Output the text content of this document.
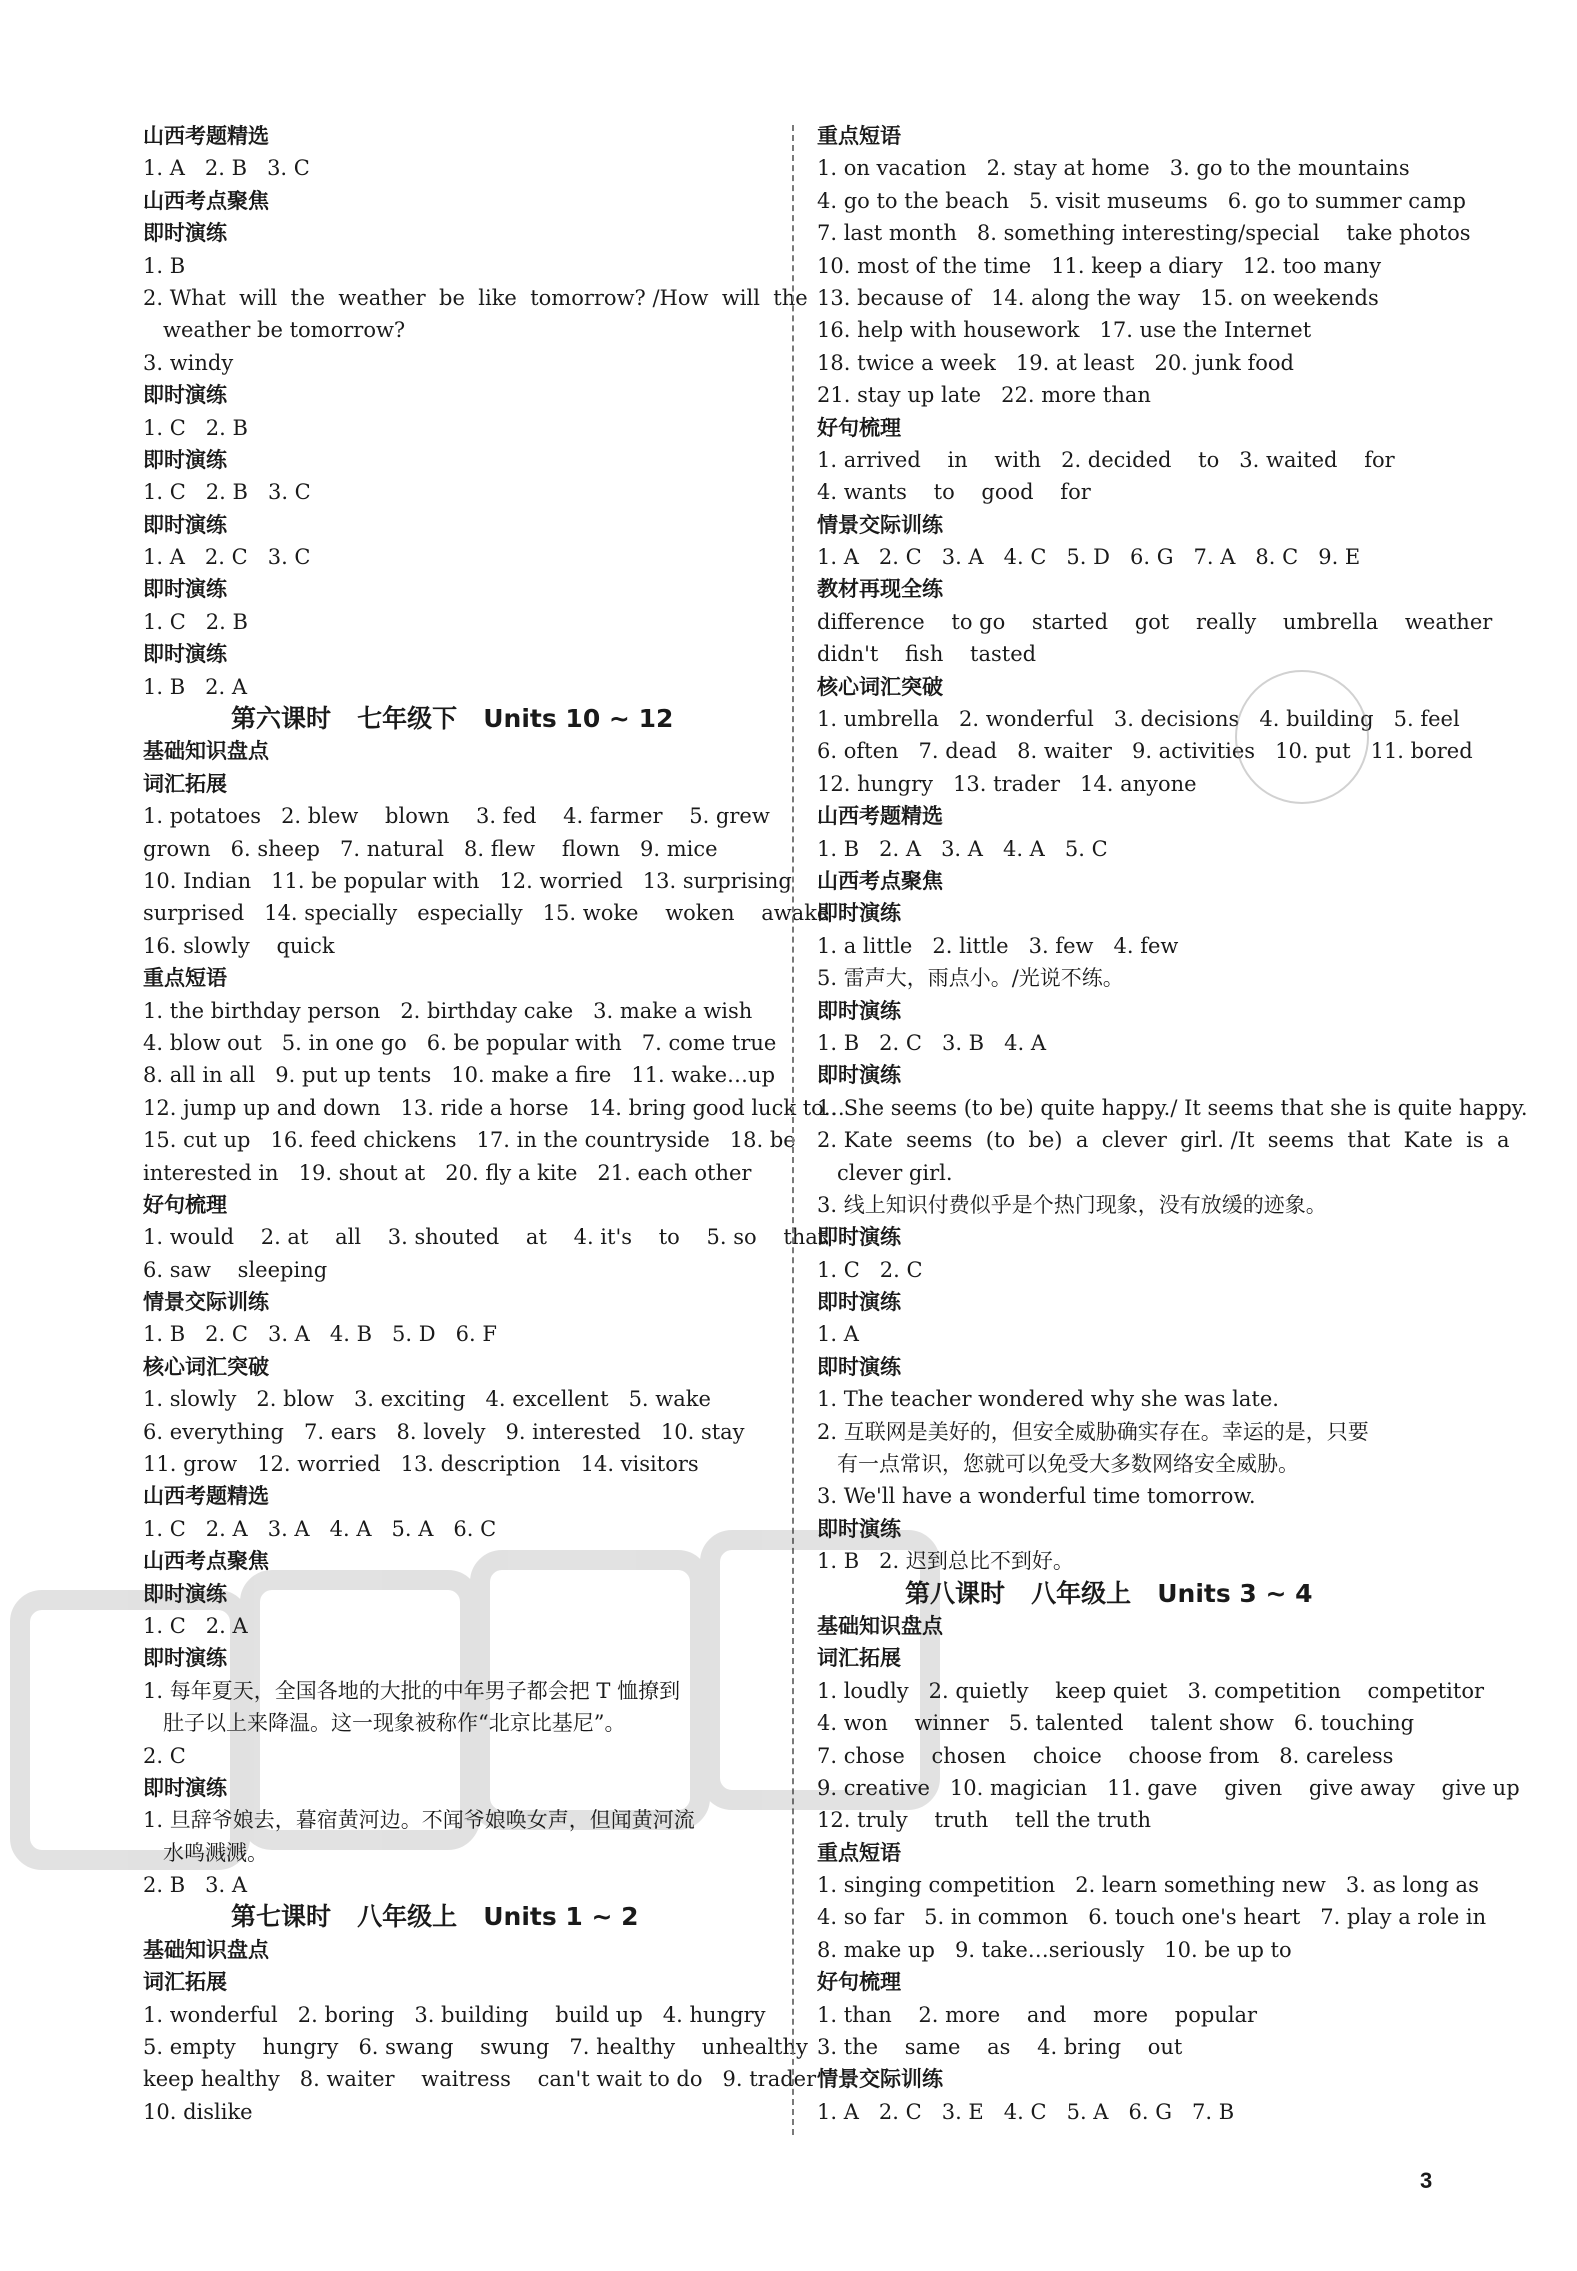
山西考题精选
1. A   2. B   3. C
山西考点聚焦
即时演练
1. B
2. What  will  the  weather  be  like  tomorrow? /How  will  the
weather be tomorrow?
3. windy
即时演练
1. C   2. B
即时演练
1. C   2. B   3. C
即时演练
1. A   2. C   3. C
即时演练
1. C   2. B
即时演练
1. B   2. A
第六课时   七年级下   Units 10 ~ 12
基础知识盘点
词汇拓展
1. potatoes   2. blew    blown    3. fed    4. farmer    5. grew
grown   6. sheep   7. natural   8. flew    flown   9. mice
10. Indian   11. be popular with   12. worried   13. surprising
surprised   14. specially   especially   15. woke    woken    awake
16. slowly    quick
重点短语
1. the birthday person   2. birthday cake   3. make a wish
4. blow out   5. in one go   6. be popular with   7. come true
8. all in all   9. put up tents   10. make a fire   11. wake…up
12. jump up and down   13. ride a horse   14. bring good luck to…
15. cut up   16. feed chickens   17. in the countryside   18. be
interested in   19. shout at   20. fly a kite   21. each other
好句梳理
1. would    2. at    all    3. shouted    at    4. it's    to    5. so    that
6. saw    sleeping
情景交际训练
1. B   2. C   3. A   4. B   5. D   6. F
核心词汇突破
1. slowly   2. blow   3. exciting   4. excellent   5. wake
6. everything   7. ears   8. lovely   9. interested   10. stay
11. grow   12. worried   13. description   14. visitors
山西考题精选
1. C   2. A   3. A   4. A   5. A   6. C
山西考点聚焦
即时演练
1. C   2. A
即时演练
1. 每年夏天，全国各地的大批的中年男子都会把 T 恤撩到
肚子以上来降温。这一现象被称作“北京比基尼”。
2. C
即时演练
1. 旦辞爷娘去，暮宿黄河边。不闻爷娘唤女声，但闻黄河流
水鸣溅溅。
2. B   3. A
第七课时   八年级上   Units 1 ~ 2
基础知识盘点
词汇拓展
1. wonderful   2. boring   3. building    build up   4. hungry
5. empty    hungry   6. swang    swung   7. healthy    unhealthy
keep healthy   8. waiter    waitress    can't wait to do   9. trader
10. dislike
重点短语
1. on vacation   2. stay at home   3. go to the mountains
4. go to the beach   5. visit museums   6. go to summer camp
7. last month   8. something interesting/special    take photos
10. most of the time   11. keep a diary   12. too many
13. because of   14. along the way   15. on weekends
16. help with housework   17. use the Internet
18. twice a week   19. at least   20. junk food
21. stay up late   22. more than
好句梳理
1. arrived    in    with   2. decided    to   3. waited    for
4. wants    to    good    for
情景交际训练
1. A   2. C   3. A   4. C   5. D   6. G   7. A   8. C   9. E
教材再现全练
difference    to go    started    got    really    umbrella    weather
didn't    fish    tasted
核心词汇突破
1. umbrella   2. wonderful   3. decisions   4. building   5. feel
6. often   7. dead   8. waiter   9. activities   10. put   11. bored
12. hungry   13. trader   14. anyone
山西考题精选
1. B   2. A   3. A   4. A   5. C
山西考点聚焦
即时演练
1. a little   2. little   3. few   4. few
5. 雷声大，雨点小。/光说不练。
即时演练
1. B   2. C   3. B   4. A
即时演练
1. She seems (to be) quite happy./ It seems that she is quite happy.
2. Kate  seems  (to  be)  a  clever  girl. /It  seems  that  Kate  is  a
clever girl.
3. 线上知识付费似乎是个热门现象，没有放缓的迹象。
即时演练
1. C   2. C
即时演练
1. A
即时演练
1. The teacher wondered why she was late.
2. 互联网是美好的，但安全威胁确实存在。幸运的是，只要
有一点常识，您就可以免受大多数网络安全威胁。
3. We'll have a wonderful time tomorrow.
即时演练
1. B   2. 迟到总比不到好。
第八课时   八年级上   Units 3 ~ 4
基础知识盘点
词汇拓展
1. loudly   2. quietly    keep quiet   3. competition    competitor
4. won    winner   5. talented    talent show   6. touching
7. chose    chosen    choice    choose from   8. careless
9. creative   10. magician   11. gave    given    give away    give up
12. truly    truth    tell the truth
重点短语
1. singing competition   2. learn something new   3. as long as
4. so far   5. in common   6. touch one's heart   7. play a role in
8. make up   9. take…seriously   10. be up to
好句梳理
1. than    2. more    and    more    popular
3. the    same    as    4. bring    out
情景交际训练
1. A   2. C   3. E   4. C   5. A   6. G   7. B
3
